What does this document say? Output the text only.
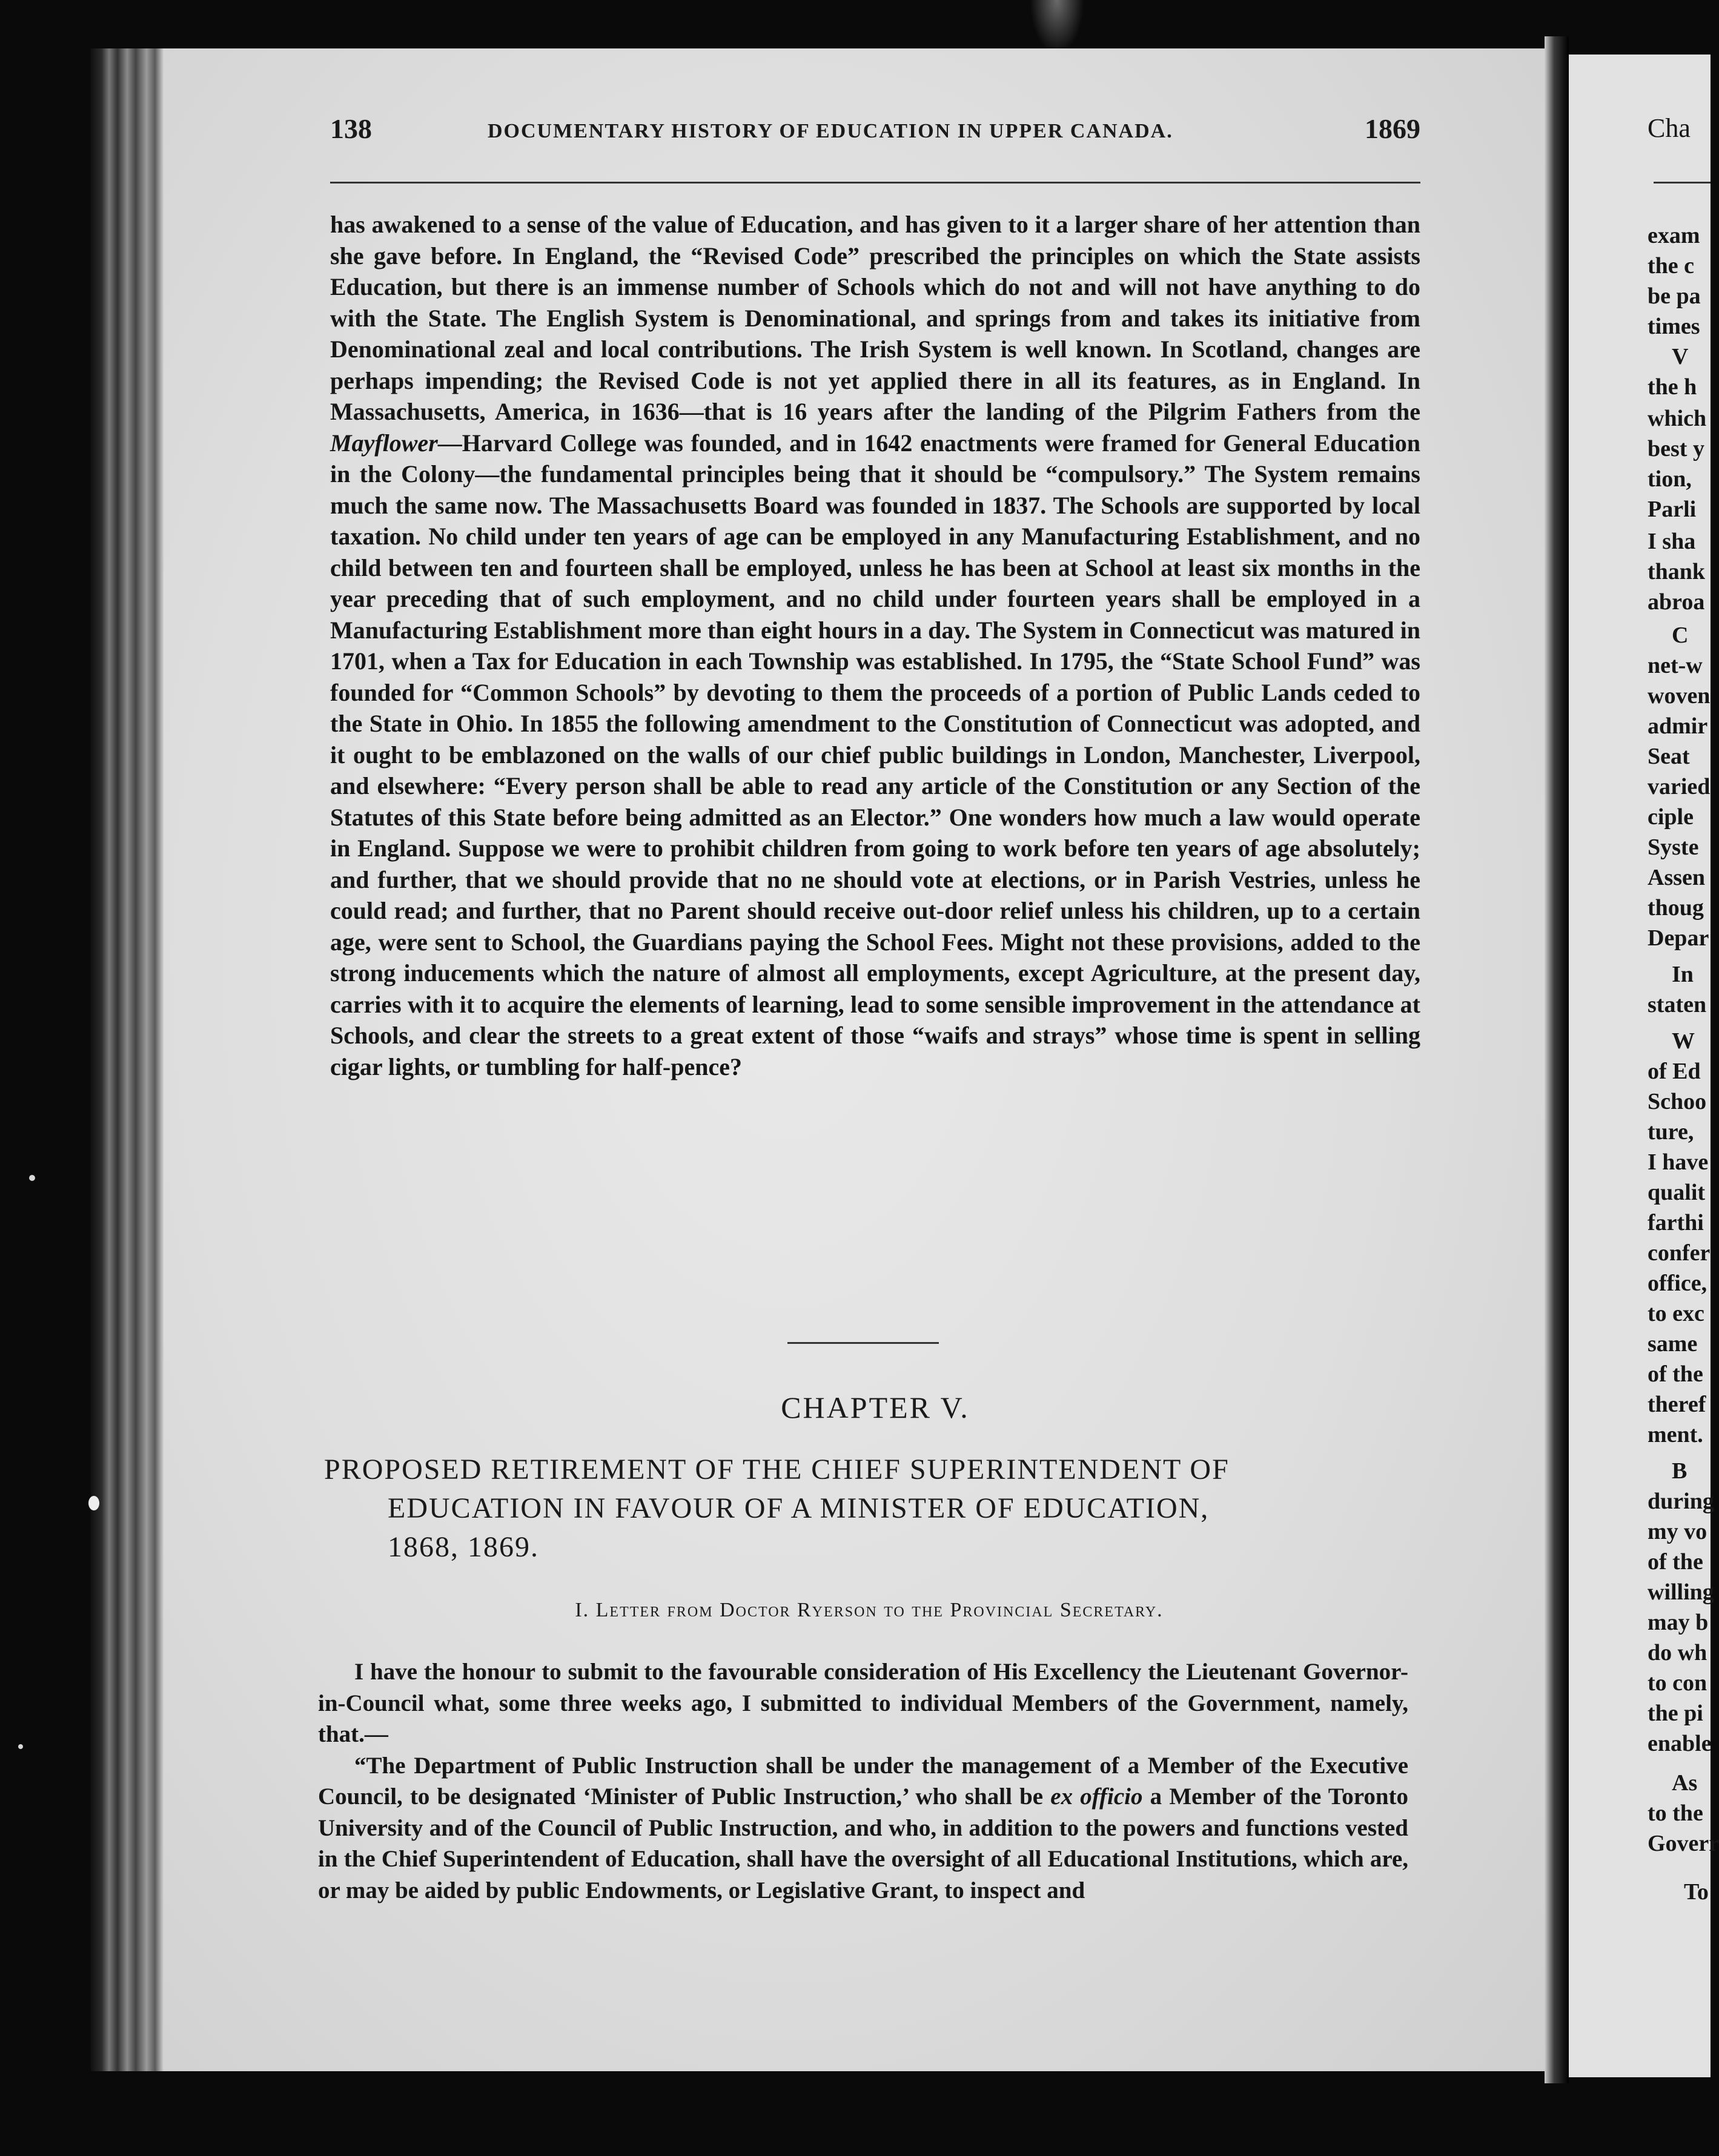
138	DOCUMENTARY HISTORY OF EDUCATION IN UPPER CANADA.	1869

has awakened to a sense of the value of Education, and has given to it a larger share of her attention than she gave before. In England, the “Revised Code” prescribed the principles on which the State assists Education, but there is an immense number of Schools which do not and will not have anything to do with the State. The English System is Denominational, and springs from and takes its initiative from Denominational zeal and local contributions. The Irish System is well known. In Scotland, changes are perhaps impending; the Revised Code is not yet applied there in all its features, as in England. In Massachusetts, America, in 1636—that is 16 years after the landing of the Pilgrim Fathers from the Mayflower—Harvard College was founded, and in 1642 enactments were framed for General Education in the Colony—the fundamental principles being that it should be “compulsory.” The System remains much the same now. The Massachusetts Board was founded in 1837. The Schools are supported by local taxation. No child under ten years of age can be employed in any Manufacturing Establishment, and no child between ten and fourteen shall be employed, unless he has been at School at least six months in the year preceding that of such employment, and no child under fourteen years shall be employed in a Manufacturing Establishment more than eight hours in a day. The System in Connecticut was matured in 1701, when a Tax for Education in each Township was established. In 1795, the “State School Fund” was founded for “Common Schools” by devoting to them the proceeds of a portion of Public Lands ceded to the State in Ohio. In 1855 the following amendment to the Constitution of Connecticut was adopted, and it ought to be emblazoned on the walls of our chief public buildings in London, Manchester, Liverpool, and elsewhere: “Every person shall be able to read any article of the Constitution or any Section of the Statutes of this State before being admitted as an Elector.” One wonders how much a law would operate in England. Suppose we were to prohibit children from going to work before ten years of age absolutely; and further, that we should provide that no ne should vote at elections, or in Parish Vestries, unless he could read; and further, that no Parent should receive out-door relief unless his children, up to a certain age, were sent to School, the Guardians paying the School Fees. Might not these provisions, added to the strong inducements which the nature of almost all employments, except Agriculture, at the present day, carries with it to acquire the elements of learning, lead to some sensible improvement in the attendance at Schools, and clear the streets to a great extent of those “waifs and strays” whose time is spent in selling cigar lights, or tumbling for half-pence?

CHAPTER V.
PROPOSED RETIREMENT OF THE CHIEF SUPERINTENDENT OF
EDUCATION IN FAVOUR OF A MINISTER OF EDUCATION,
1868, 1869.
I. Letter from Doctor Ryerson to the Provincial Secretary.

I have the honour to submit to the favourable consideration of His Excellency the Lieutenant Governor-in-Council what, some three weeks ago, I submitted to individual Members of the Government, namely, that.—

“The Department of Public Instruction shall be under the management of a Member of the Executive Council, to be designated ‘Minister of Public Instruction,’ who shall be ex officio a Member of the Toronto University and of the Council of Public Instruction, and who, in addition to the powers and functions vested in the Chief Superintendent of Education, shall have the oversight of all Educational Institutions, which are, or may be aided by public Endowments, or Legislative Grant, to inspect and

Cha
exam
the c
be pa
times
V
the h
which
best y
tion,
Parli
I sha
thank
abroa
C
net-w
woven
admir
Seat
varied
ciple
Syste
Assen
thoug
Depar
In
staten
W
of Ed
Schoo
ture,
I have
qualit
farthi
confer
office,
to exc
same
of the
theref
ment.
B
during
my vo
of the
willing
may b
do wh
to con
the pi
enable
As
to the
Goverr
To
